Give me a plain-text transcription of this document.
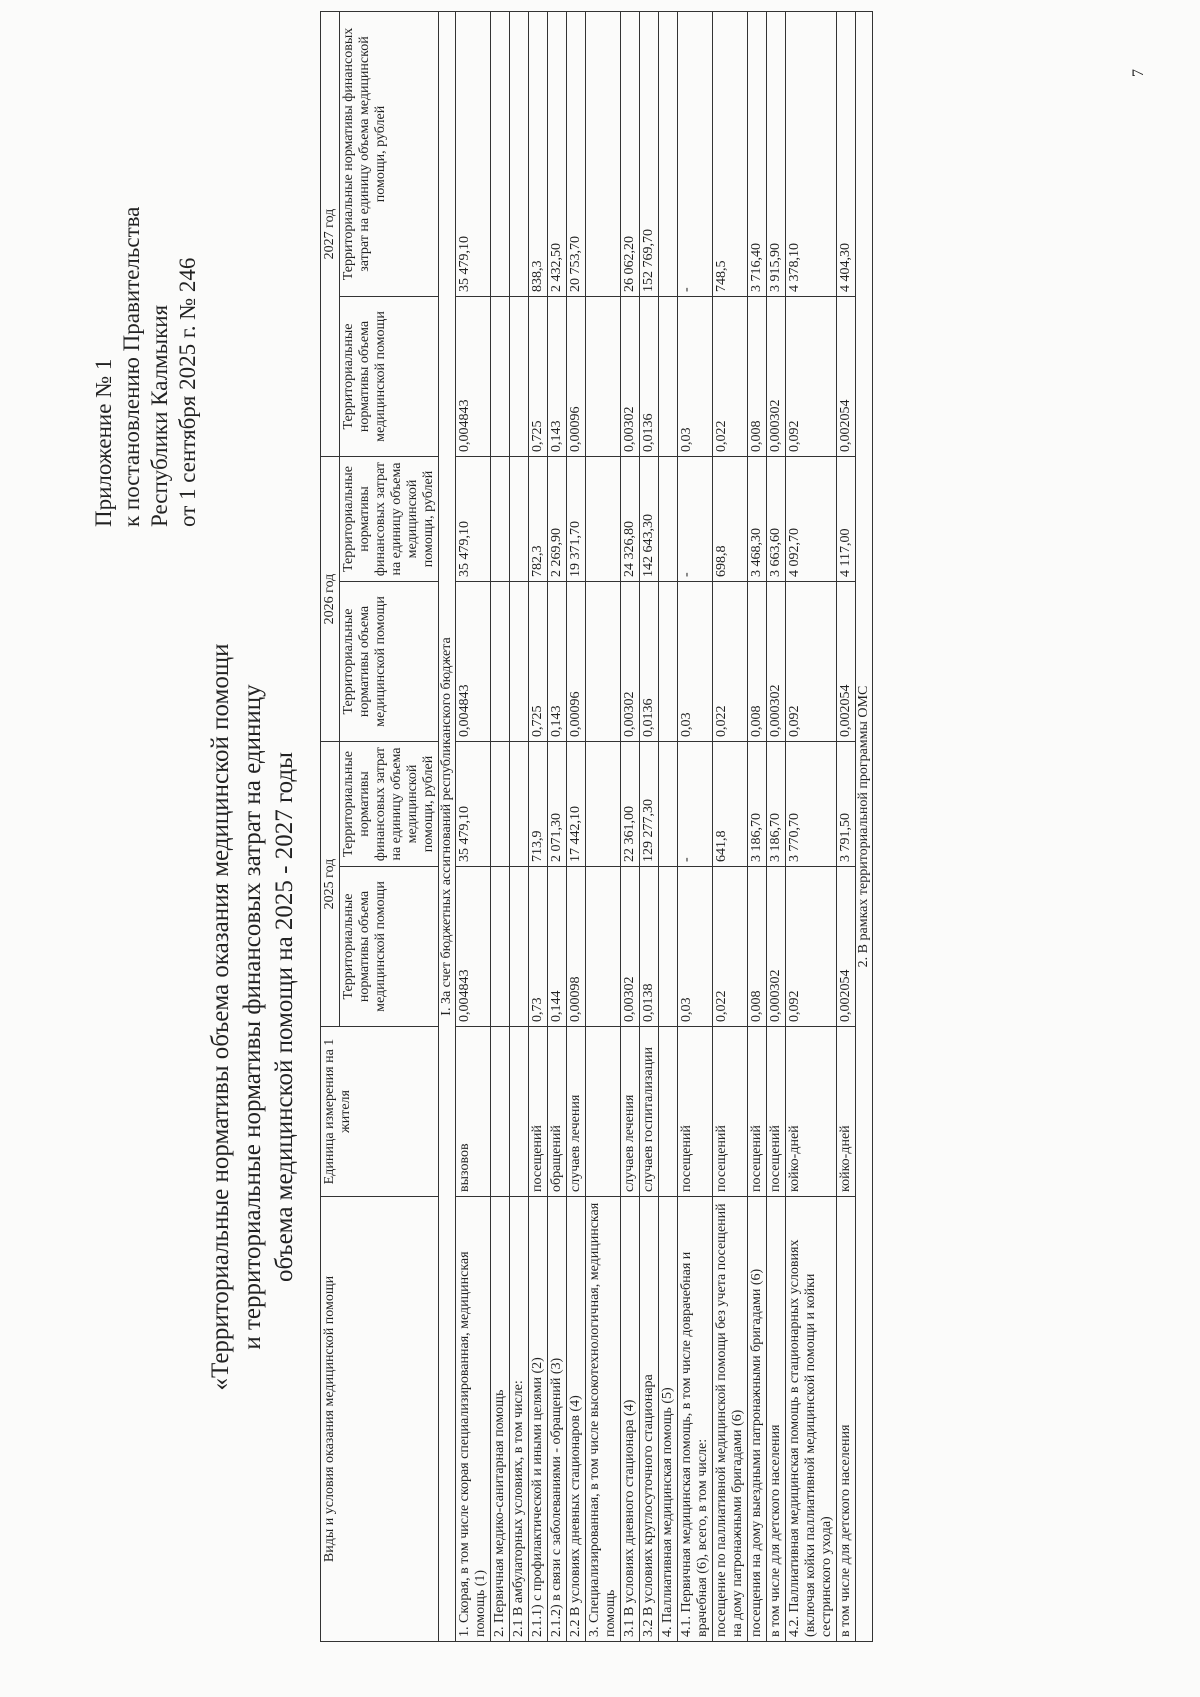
Приложение № 1 к постановлению Правительства Республики Калмыкия от 1 сентября 2025 г. № 246
«Территориальные нормативы объема оказания медицинской помощи и территориальные нормативы финансовых затрат на единицу объема медицинской помощи на 2025 - 2027 годы
Виды и условия оказания медицинской помощи	Единица измерения на 1 жителя	2025 год		2026 год		2027 год	
		Территориальные нормативы объема медицинской помощи	Территориальные нормативы финансовых затрат на единицу объема медицинской помощи, рублей	Территориальные нормативы объема медицинской помощи	Территориальные нормативы финансовых затрат на единицу объема медицинской помощи, рублей	Территориальные нормативы объема медицинской помощи	Территориальные нормативы финансовых затрат на единицу объема медицинской помощи, рублей
I. За счет бюджетных ассигнований республиканского бюджета							
1. Скорая, в том числе скорая специализированная, медицинская помощь (1)	вызовов	0,004843	35 479,10	0,004843	35 479,10	0,004843	35 479,10
2. Первичная медико-санитарная помощь							
2.1 В амбулаторных условиях, в том числе:							
2.1.1) с профилактической и иными целями (2)	посещений	0,73	713,9	0,725	782,3	0,725	838,3
2.1.2) в связи с заболеваниями - обращений (3)	обращений	0,144	2 071,30	0,143	2 269,90	0,143	2 432,50
2.2 В условиях дневных стационаров (4)	случаев лечения	0,00098	17 442,10	0,00096	19 371,70	0,00096	20 753,70
3. Специализированная, в том числе высокотехнологичная, медицинская помощь							
3.1 В условиях дневного стационара (4)	случаев лечения	0,00302	22 361,00	0,00302	24 326,80	0,00302	26 062,20
3.2 В условиях круглосуточного стационара	случаев госпитализации	0,0138	129 277,30	0,0136	142 643,30	0,0136	152 769,70
4. Паллиативная медицинская помощь (5)							
4.1. Первичная медицинская помощь, в том числе доврачебная и врачебная (6), всего, в том числе:	посещений	0,03	-	0,03	-	0,03	-
посещение по паллиативной медицинской помощи без учета посещений на дому патронажными бригадами (6)	посещений	0,022	641,8	0,022	698,8	0,022	748,5
посещения на дому выездными патронажными бригадами (6)	посещений	0,008	3 186,70	0,008	3 468,30	0,008	3 716,40
в том числе для детского населения	посещений	0,000302	3 186,70	0,000302	3 663,60	0,000302	3 915,90
4.2. Паллиативная медицинская помощь в стационарных условиях (включая койки паллиативной медицинской помощи и койки сестринского ухода)	койко-дней	0,092	3 770,70	0,092	4 092,70	0,092	4 378,10
в том числе для детского населения	койко-дней	0,002054	3 791,50	0,002054	4 117,00	0,002054	4 404,30
2. В рамках территориальной программы ОМС							
7
